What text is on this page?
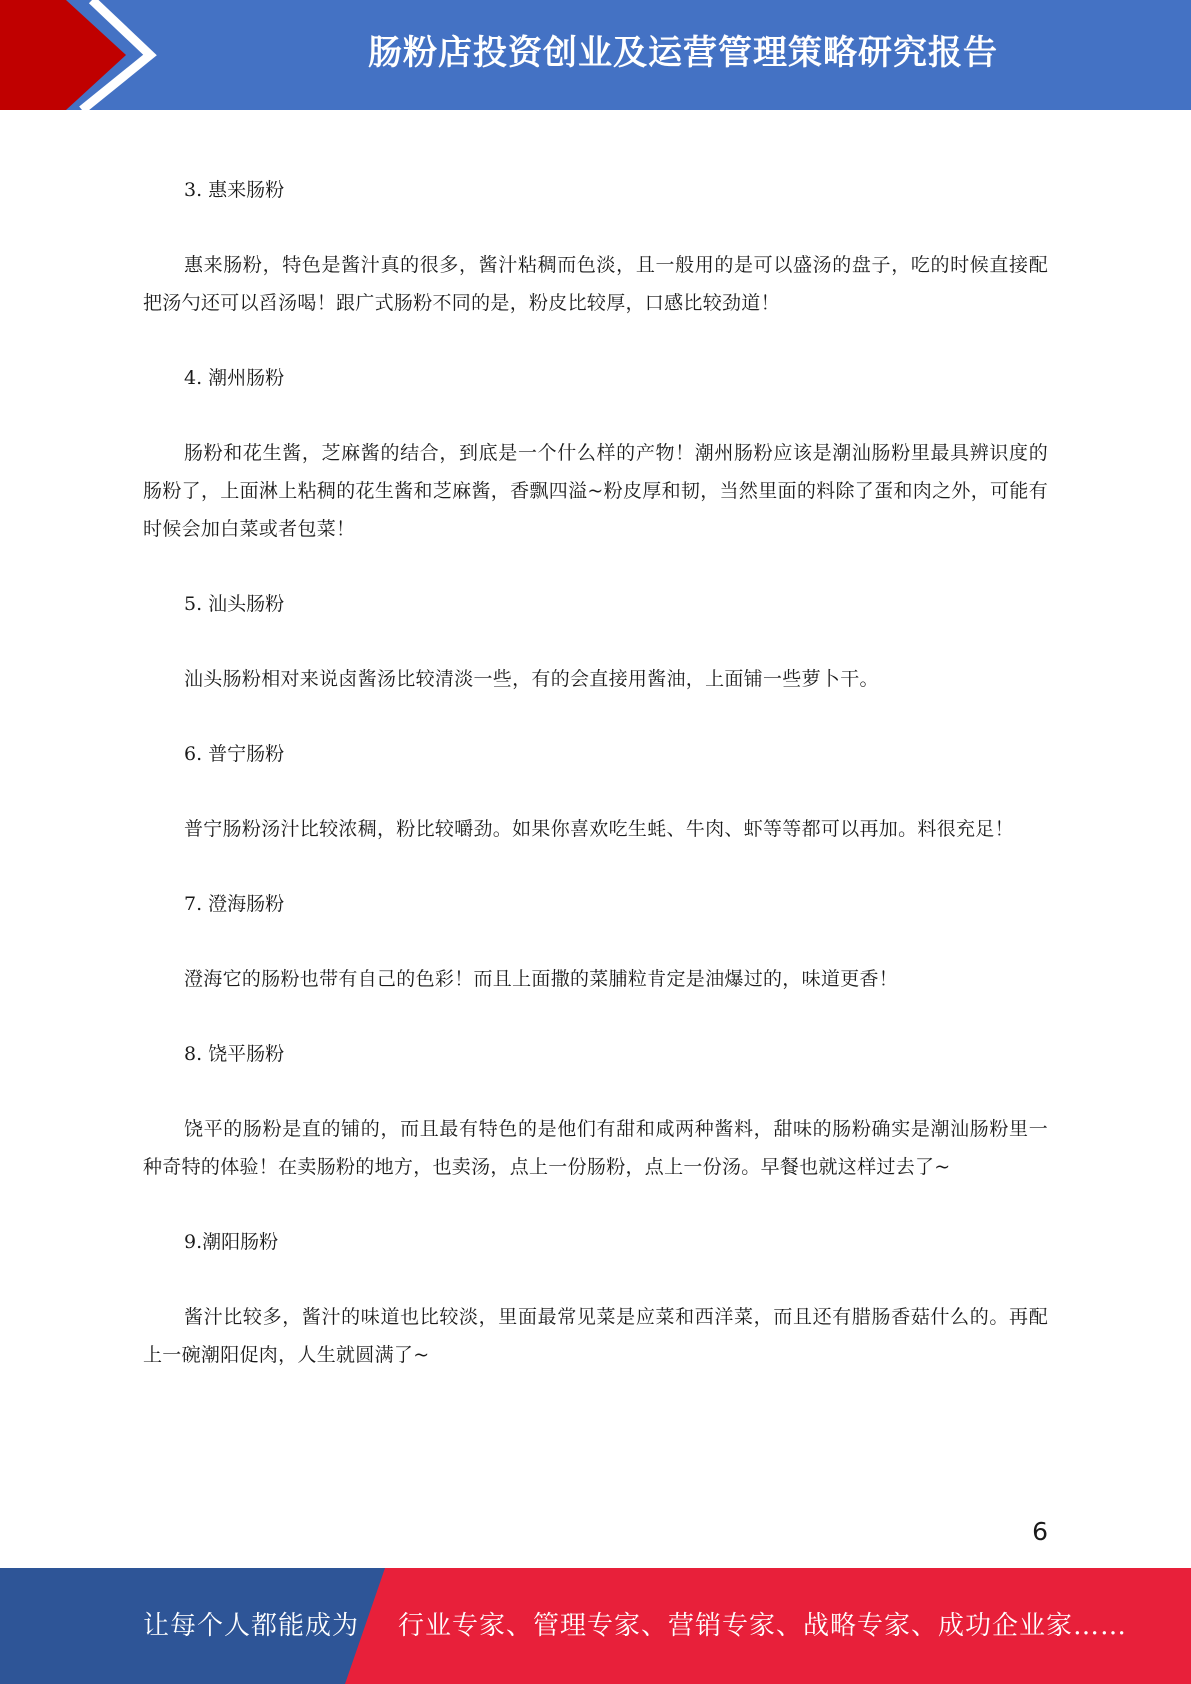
肠粉店投资创业及运营管理策略研究报告

3. 惠来肠粉

惠来肠粉，特色是酱汁真的很多，酱汁粘稠而色淡，且一般用的是可以盛汤的盘子，吃的时候直接配把汤勺还可以舀汤喝！跟广式肠粉不同的是，粉皮比较厚，口感比较劲道！

4. 潮州肠粉

肠粉和花生酱，芝麻酱的结合，到底是一个什么样的产物！潮州肠粉应该是潮汕肠粉里最具辨识度的肠粉了，上面淋上粘稠的花生酱和芝麻酱，香飘四溢~粉皮厚和韧，当然里面的料除了蛋和肉之外，可能有时候会加白菜或者包菜！

5. 汕头肠粉

汕头肠粉相对来说卤酱汤比较清淡一些，有的会直接用酱油，上面铺一些萝卜干。

6. 普宁肠粉

普宁肠粉汤汁比较浓稠，粉比较嚼劲。如果你喜欢吃生蚝、牛肉、虾等等都可以再加。料很充足！

7. 澄海肠粉

澄海它的肠粉也带有自己的色彩！而且上面撒的菜脯粒肯定是油爆过的，味道更香！

8. 饶平肠粉

饶平的肠粉是直的铺的，而且最有特色的是他们有甜和咸两种酱料，甜味的肠粉确实是潮汕肠粉里一种奇特的体验！在卖肠粉的地方，也卖汤，点上一份肠粉，点上一份汤。早餐也就这样过去了~

9.潮阳肠粉

酱汁比较多，酱汁的味道也比较淡，里面最常见菜是应菜和西洋菜，而且还有腊肠香菇什么的。再配上一碗潮阳促肉，人生就圆满了~

6
让每个人都能成为 行业专家、管理专家、营销专家、战略专家、成功企业家……
